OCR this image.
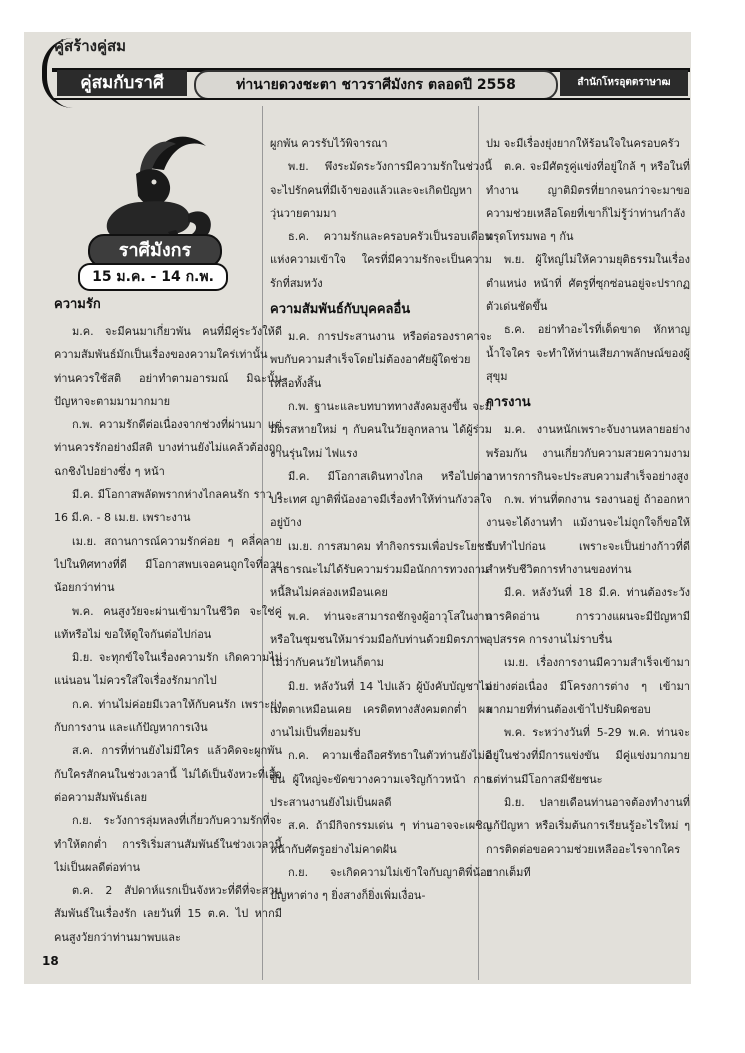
คู่สร้างคู่สม
คู่สมกับราศี	ท่านายดวงชะตา ชาวราศีมังกร ตลอดปี 2558	สำนักโหรอุตตราษาฒ
ราศีมังกร
15 ม.ค. - 14 ก.พ.
ความรัก
ม.ค. จะมีคนมาเกี่ยวพัน คนที่มีคู่ระวังให้ดี ความสัมพันธ์มักเป็นเรื่องของความใคร่เท่านั้น ท่านควรใช้สติ อย่าทำตามอารมณ์ มิฉะนั้นปัญหาจะตามมามากมาย
ก.พ. ความรักดีต่อเนื่องจากช่วงที่ผ่านมา แต่ท่านควรรักอย่างมีสติ บางท่านยังไม่แคล้วต้องถูกฉกชิงไปอย่างซึ่ง ๆ หน้า
มี.ค. มีโอกาสพลัดพรากห่างไกลคนรัก ราว ๆ 16 มี.ค. - 8 เม.ย. เพราะงาน
เม.ย. สถานการณ์ความรักค่อย ๆ คลี่คลายไปในทิศทางที่ดี มีโอกาสพบเจอคนถูกใจที่อายุน้อยกว่าท่าน
พ.ค. คนสูงวัยจะผ่านเข้ามาในชีวิต จะใช่คู่แท้หรือไม่ ขอให้ดูใจกันต่อไปก่อน
มิ.ย. จะทุกข์ใจในเรื่องความรัก เกิดความไม่แน่นอน ไม่ควรใส่ใจเรื่องรักมากไป
ก.ค. ท่านไม่ค่อยมีเวลาให้กับคนรัก เพราะยุ่งกับการงาน และแก้ปัญหาการเงิน
ส.ค. การที่ท่านยังไม่มีใคร แล้วคิดจะผูกพันกับใครสักคนในช่วงเวลานี้ ไม่ได้เป็นจังหวะที่เอื้อต่อความสัมพันธ์เลย
ก.ย. ระวังการลุ่มหลงที่เกี่ยวกับความรักที่จะทำให้ตกต่ำ การริเริ่มสานสัมพันธ์ในช่วงเวลานี้ ไม่เป็นผลดีต่อท่าน
ต.ค. 2 สัปดาห์แรกเป็นจังหวะที่ดีที่จะสานสัมพันธ์ในเรื่องรัก เลยวันที่ 15 ต.ค. ไป หากมีคนสูงวัยกว่าท่านมาพบและ
ผูกพัน ควรรับไว้พิจารณา
พ.ย. พึงระมัดระวังการมีความรักในช่วงนี้ จะไปรักคนที่มีเจ้าของแล้วและจะเกิดปัญหาวุ่นวายตามมา
ธ.ค. ความรักและครอบครัวเป็นรอบเดือนแห่งความเข้าใจ ใครที่มีความรักจะเป็นความรักที่สมหวัง
ความสัมพันธ์กับบุคคลอื่น
ม.ค. การประสานงาน หรือต่อรองราคาจะพบกับความสำเร็จโดยไม่ต้องอาศัยผู้ใดช่วยเหลือทั้งสิ้น
ก.พ. ฐานะและบทบาททางสังคมสูงขึ้น จะมีมิตรสหายใหม่ ๆ กับคนในวัยลูกหลาน ได้ผู้ร่วมงานรุ่นใหม่ ไฟแรง
มี.ค. มีโอกาสเดินทางไกล หรือไปต่างประเทศ ญาติพี่น้องอาจมีเรื่องทำให้ท่านกังวลใจอยู่บ้าง
เม.ย. การสมาคม ทำกิจกรรมเพื่อประโยชน์สาธารณะไม่ได้รับความร่วมมือนักการทวงถามหนี้สินไม่คล่องเหมือนเคย
พ.ค. ท่านจะสามารถชักจูงผู้อาวุโสในงานหรือในชุมชนให้มาร่วมมือกับท่านด้วยมิตรภาพ ไม่ว่ากับคนวัยไหนก็ตาม
มิ.ย. หลังวันที่ 14 ไปแล้ว ผู้บังคับบัญชาไม่เมตตาเหมือนเคย เครดิตทางสังคมตกต่ำ ผลงานไม่เป็นที่ยอมรับ
ก.ค. ความเชื่อถือศรัทธาในตัวท่านยังไม่ดีขึ้น ผู้ใหญ่จะขัดขวางความเจริญก้าวหน้า การประสานงานยังไม่เป็นผลดี
ส.ค. ถ้ามีกิจกรรมเด่น ๆ ท่านอาจจะเผชิญหน้ากับศัตรูอย่างไม่คาดฝัน
ก.ย. จะเกิดความไม่เข้าใจกับญาติพี่น้อง ปัญหาต่าง ๆ ยิ่งสางก็ยิ่งเพิ่มเงื่อน-
ปม จะมีเรื่องยุ่งยากให้ร้อนใจในครอบครัว
ต.ค. จะมีศัตรูคู่แข่งที่อยู่ใกล้ ๆ หรือในที่ทำงาน ญาติมิตรที่ยากจนกว่าจะมาขอความช่วยเหลือโดยที่เขาก็ไม่รู้ว่าท่านกำลังทรุดโทรมพอ ๆ กัน
พ.ย. ผู้ใหญ่ไม่ให้ความยุติธรรมในเรื่องตำแหน่ง หน้าที่ ศัตรูที่ซุกซ่อนอยู่จะปรากฏตัวเด่นชัดขึ้น
ธ.ค. อย่าทำอะไรที่เด็ดขาด หักหาญน้ำใจใคร จะทำให้ท่านเสียภาพลักษณ์ของผู้สุขุม
การงาน
ม.ค. งานหนักเพราะจับงานหลายอย่างพร้อมกัน งานเกี่ยวกับความสวยความงาม อาหารการกินจะประสบความสำเร็จอย่างสูง
ก.พ. ท่านที่ตกงาน รองานอยู่ ถ้าออกหางานจะได้งานทำ แม้งานจะไม่ถูกใจก็ขอให้รับทำไปก่อน เพราะจะเป็นย่างก้าวที่ดีสำหรับชีวิตการทำงานของท่าน
มี.ค. หลังวันที่ 18 มี.ค. ท่านต้องระวังการคิดอ่าน การวางแผนจะมีปัญหามีอุปสรรค การงานไม่ราบรื่น
เม.ย. เรื่องการงานมีความสำเร็จเข้ามาอย่างต่อเนื่อง มีโครงการต่าง ๆ เข้ามามากมายที่ท่านต้องเข้าไปรับผิดชอบ
พ.ค. ระหว่างวันที่ 5-29 พ.ค. ท่านจะอยู่ในช่วงที่มีการแข่งขัน มีคู่แข่งมากมายแต่ท่านมีโอกาสมีชัยชนะ
มิ.ย. ปลายเดือนท่านอาจต้องทำงานที่แก้ปัญหา หรือเริ่มต้นการเรียนรู้อะไรใหม่ ๆ การติดต่อขอความช่วยเหลืออะไรจากใครยากเต็มที
18
